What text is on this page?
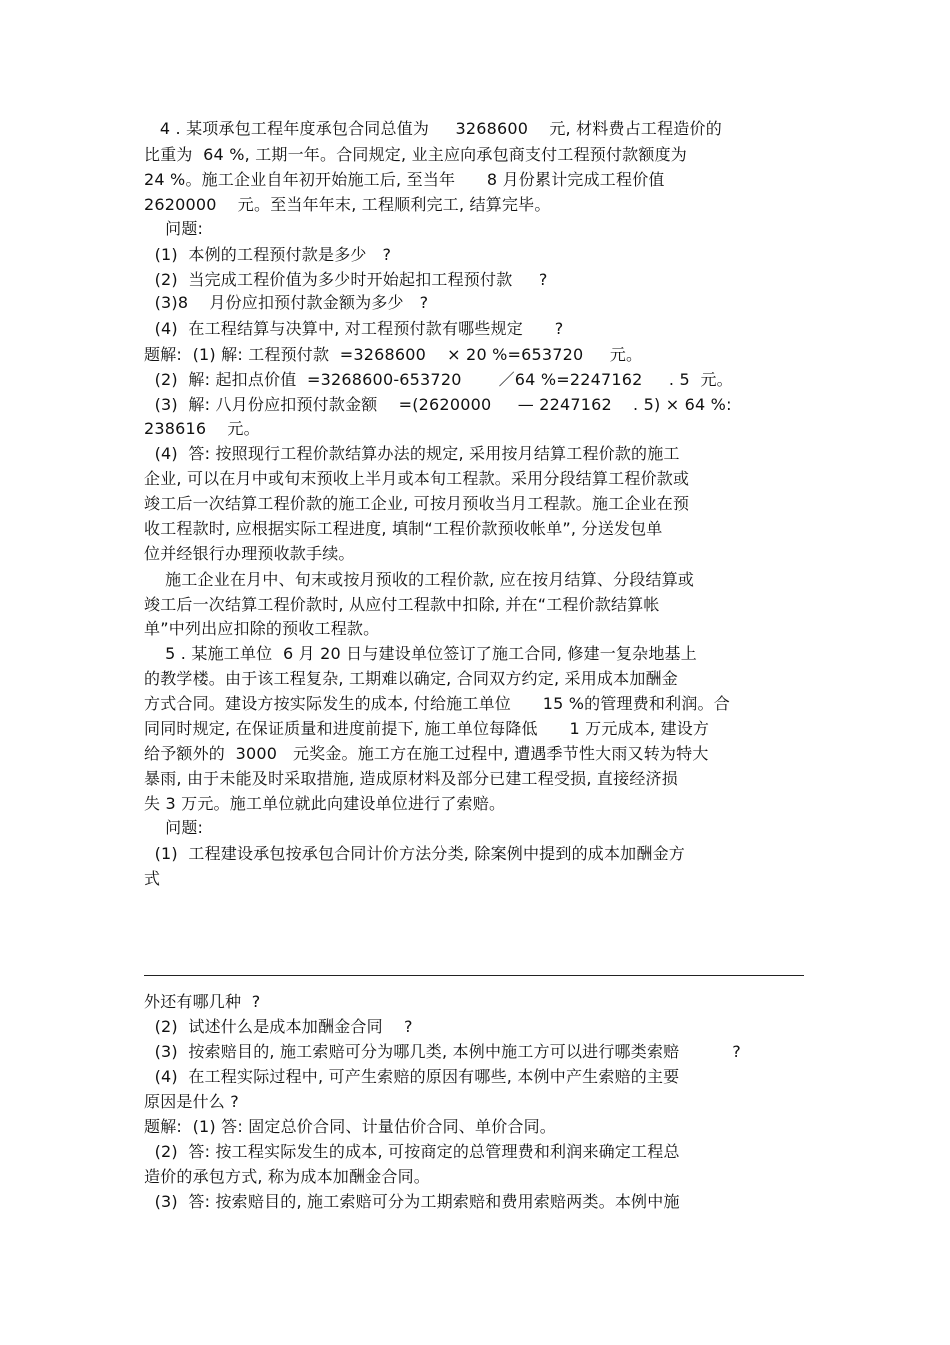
4 . 某项承包工程年度承包合同总值为     3268600    元, 材料费占工程造价的
比重为  64 %, 工期一年。合同规定, 业主应向承包商支付工程预付款额度为
24 %。施工企业自年初开始施工后, 至当年      8 月份累计完成工程价值
2620000    元。至当年年末, 工程顺利完工, 结算完毕。
问题:
(1)  本例的工程预付款是多少   ?
(2)  当完成工程价值为多少时开始起扣工程预付款     ?
(3)8    月份应扣预付款金额为多少   ?
(4)  在工程结算与决算中, 对工程预付款有哪些规定      ?
题解:  (1) 解: 工程预付款  =3268600    × 20 %=653720     元。
(2)  解: 起扣点价值  =3268600-653720       ／64 %=2247162     . 5  元。
(3)  解: 八月份应扣预付款金额    =(2620000     — 2247162    . 5) × 64 %:
238616    元。
(4)  答: 按照现行工程价款结算办法的规定, 采用按月结算工程价款的施工
企业, 可以在月中或旬末预收上半月或本旬工程款。采用分段结算工程价款或
竣工后一次结算工程价款的施工企业, 可按月预收当月工程款。施工企业在预
收工程款时, 应根据实际工程进度, 填制“工程价款预收帐单”, 分送发包单
位并经银行办理预收款手续。
施工企业在月中、旬末或按月预收的工程价款, 应在按月结算、分段结算或
竣工后一次结算工程价款时, 从应付工程款中扣除, 并在“工程价款结算帐
单”中列出应扣除的预收工程款。
5 . 某施工单位  6 月 20 日与建设单位签订了施工合同, 修建一复杂地基上
的教学楼。由于该工程复杂, 工期难以确定, 合同双方约定, 采用成本加酬金
方式合同。建设方按实际发生的成本, 付给施工单位      15 %的管理费和利润。合
同同时规定, 在保证质量和进度前提下, 施工单位每降低      1 万元成本, 建设方
给予额外的  3000   元奖金。施工方在施工过程中, 遭遇季节性大雨又转为特大
暴雨, 由于未能及时采取措施, 造成原材料及部分已建工程受损, 直接经济损
失 3 万元。施工单位就此向建设单位进行了索赔。
问题:
(1)  工程建设承包按承包合同计价方法分类, 除案例中提到的成本加酬金方
式
外还有哪几种  ?
(2)  试述什么是成本加酬金合同    ?
(3)  按索赔目的, 施工索赔可分为哪几类, 本例中施工方可以进行哪类索赔          ?
(4)  在工程实际过程中, 可产生索赔的原因有哪些, 本例中产生索赔的主要
原因是什么 ?
题解:  (1) 答: 固定总价合同、计量估价合同、单价合同。
(2)  答: 按工程实际发生的成本, 可按商定的总管理费和利润来确定工程总
造价的承包方式, 称为成本加酬金合同。
(3)  答: 按索赔目的, 施工索赔可分为工期索赔和费用索赔两类。本例中施
